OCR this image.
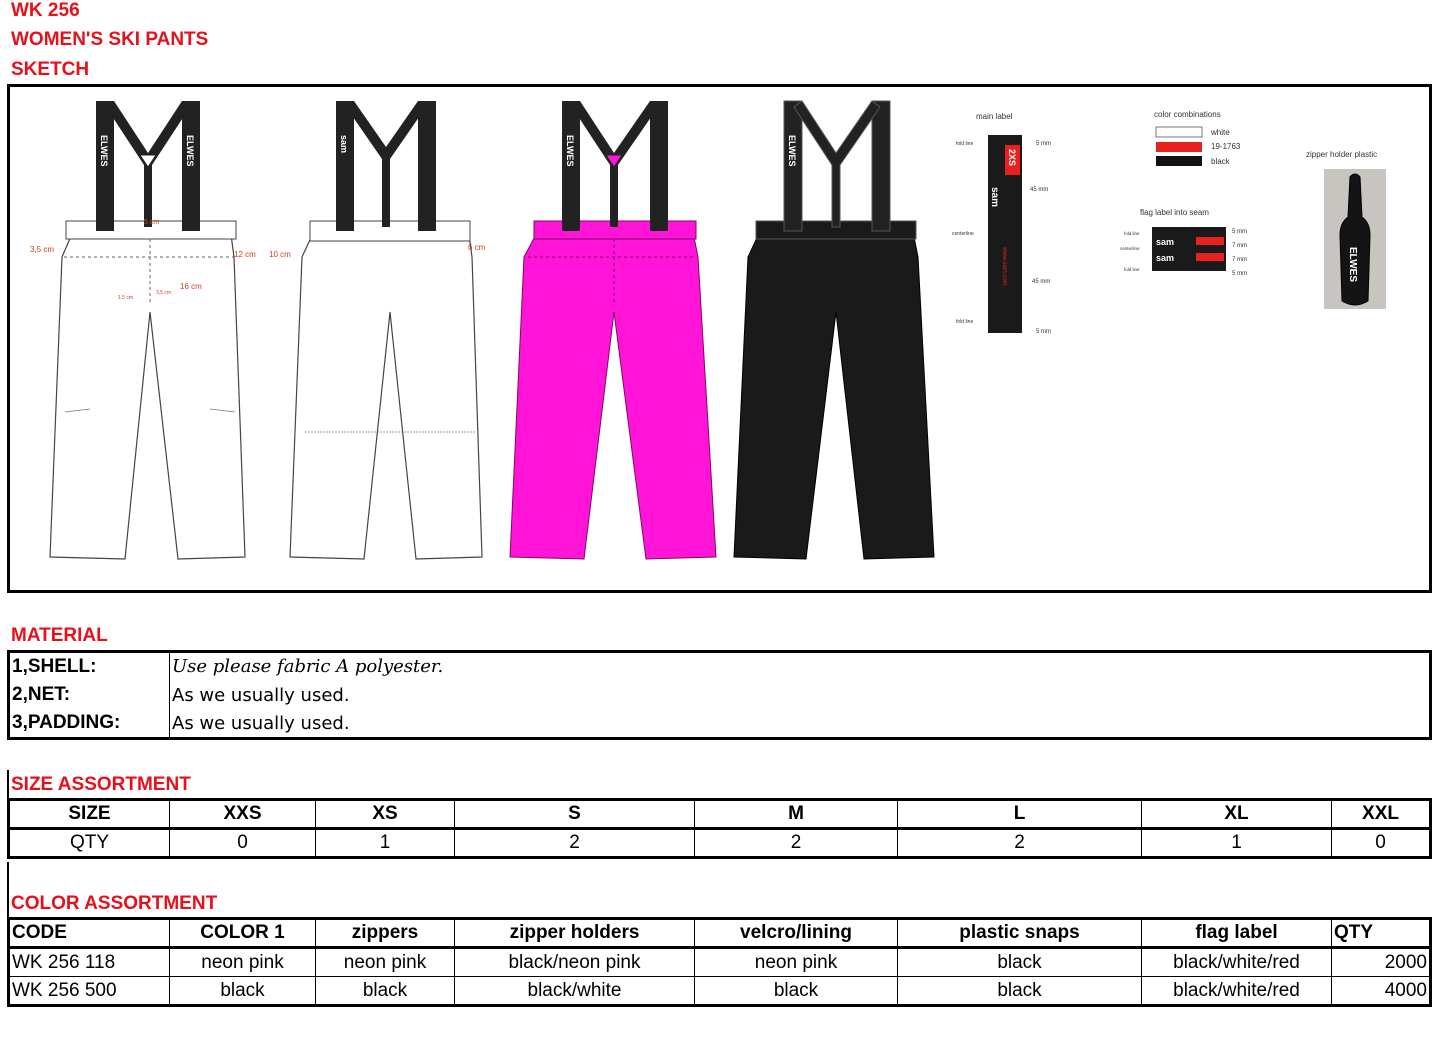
WK 256
WOMEN'S SKI PANTS
SKETCH
ELWES	ELWES
5 cm
3,5 cm
12 cm
16 cm
1,5 cm
3,5 cm
sam
10 cm
6 cm
ELWES	ELWES
main label
2XS
sam
www.sam.com
fold line
centerline
fold line
5 mm
45 mm
45 mm
5 mm
color combinations
white
19-1763
black
flag label into seam
sam
sam
fold line
centerline
fold line
5 mm
7 mm
7 mm
5 mm
zipper holder plastic
ELWES
MATERIAL
1,SHELL:	Use please fabric A polyester.
2,NET:	As we usually used.
3,PADDING:	As we usually used.
SIZE ASSORTMENT
SIZE	XXS	XS	S	M	L	XL	XXL
QTY	0	1	2	2	2	1	0
COLOR ASSORTMENT
CODE	COLOR 1	zippers	zipper holders	velcro/lining	plastic snaps	flag label	QTY
WK 256 118	neon pink	neon pink	black/neon pink	neon pink	black	black/white/red	2000
WK 256 500	black	black	black/white	black	black	black/white/red	4000
